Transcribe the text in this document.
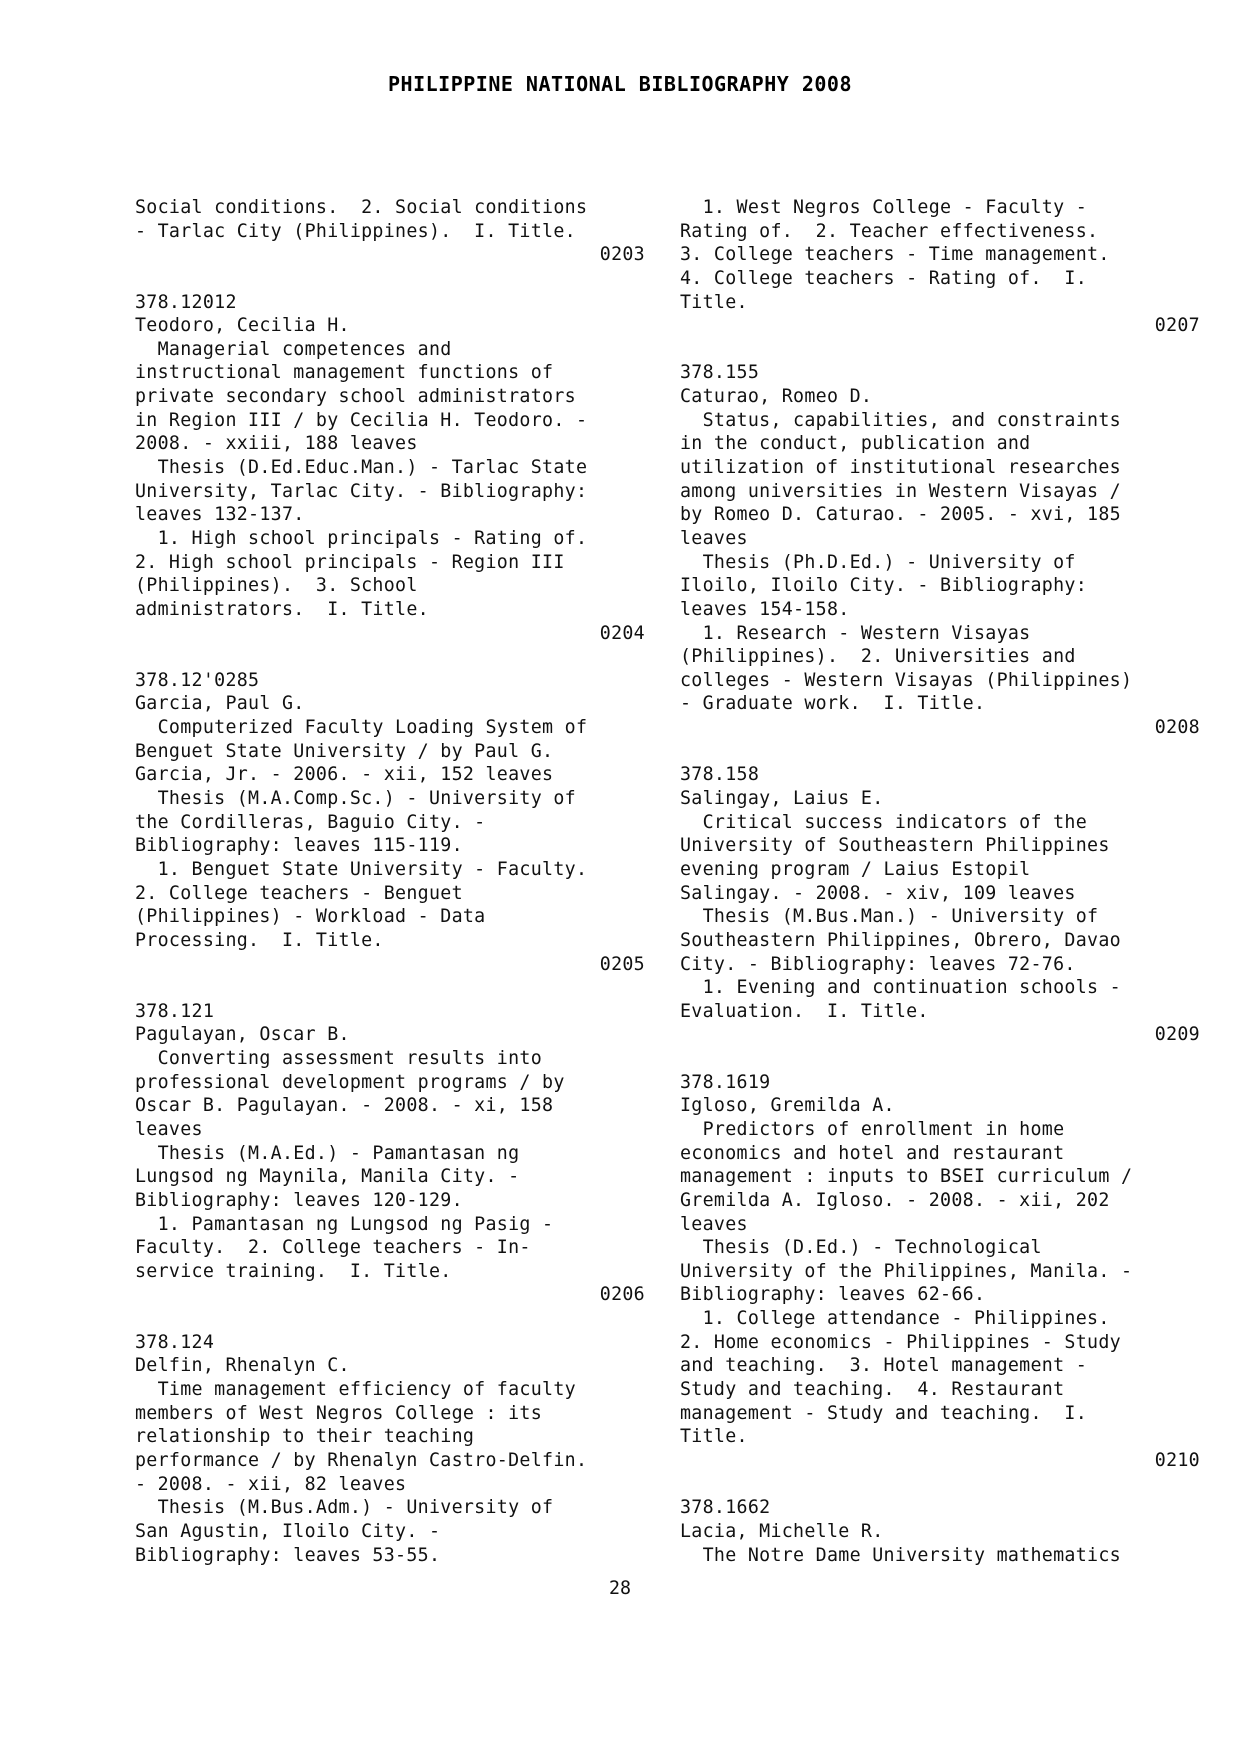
PHILIPPINE NATIONAL BIBLIOGRAPHY 2008
Social conditions.  2. Social conditions
- Tarlac City (Philippines).  I. Title.
0203
378.12012
Teodoro, Cecilia H.
Managerial competences and
instructional management functions of
private secondary school administrators
in Region III / by Cecilia H. Teodoro. -
2008. - xxiii, 188 leaves
Thesis (D.Ed.Educ.Man.) - Tarlac State
University, Tarlac City. - Bibliography:
leaves 132-137.
1. High school principals - Rating of.
2. High school principals - Region III
(Philippines).  3. School
administrators.  I. Title.
0204
378.12'0285
Garcia, Paul G.
Computerized Faculty Loading System of
Benguet State University / by Paul G.
Garcia, Jr. - 2006. - xii, 152 leaves
Thesis (M.A.Comp.Sc.) - University of
the Cordilleras, Baguio City. -
Bibliography: leaves 115-119.
1. Benguet State University - Faculty.
2. College teachers - Benguet
(Philippines) - Workload - Data
Processing.  I. Title.
0205
378.121
Pagulayan, Oscar B.
Converting assessment results into
professional development programs / by
Oscar B. Pagulayan. - 2008. - xi, 158
leaves
Thesis (M.A.Ed.) - Pamantasan ng
Lungsod ng Maynila, Manila City. -
Bibliography: leaves 120-129.
1. Pamantasan ng Lungsod ng Pasig -
Faculty.  2. College teachers - In-
service training.  I. Title.
0206
378.124
Delfin, Rhenalyn C.
Time management efficiency of faculty
members of West Negros College : its
relationship to their teaching
performance / by Rhenalyn Castro-Delfin.
- 2008. - xii, 82 leaves
Thesis (M.Bus.Adm.) - University of
San Agustin, Iloilo City. -
Bibliography: leaves 53-55.
1. West Negros College - Faculty -
Rating of.  2. Teacher effectiveness.
3. College teachers - Time management.
4. College teachers - Rating of.  I.
Title.
0207
378.155
Caturao, Romeo D.
Status, capabilities, and constraints
in the conduct, publication and
utilization of institutional researches
among universities in Western Visayas /
by Romeo D. Caturao. - 2005. - xvi, 185
leaves
Thesis (Ph.D.Ed.) - University of
Iloilo, Iloilo City. - Bibliography:
leaves 154-158.
1. Research - Western Visayas
(Philippines).  2. Universities and
colleges - Western Visayas (Philippines)
- Graduate work.  I. Title.
0208
378.158
Salingay, Laius E.
Critical success indicators of the
University of Southeastern Philippines
evening program / Laius Estopil
Salingay. - 2008. - xiv, 109 leaves
Thesis (M.Bus.Man.) - University of
Southeastern Philippines, Obrero, Davao
City. - Bibliography: leaves 72-76.
1. Evening and continuation schools -
Evaluation.  I. Title.
0209
378.1619
Igloso, Gremilda A.
Predictors of enrollment in home
economics and hotel and restaurant
management : inputs to BSEI curriculum /
Gremilda A. Igloso. - 2008. - xii, 202
leaves
Thesis (D.Ed.) - Technological
University of the Philippines, Manila. -
Bibliography: leaves 62-66.
1. College attendance - Philippines.
2. Home economics - Philippines - Study
and teaching.  3. Hotel management -
Study and teaching.  4. Restaurant
management - Study and teaching.  I.
Title.
0210
378.1662
Lacia, Michelle R.
The Notre Dame University mathematics
28
